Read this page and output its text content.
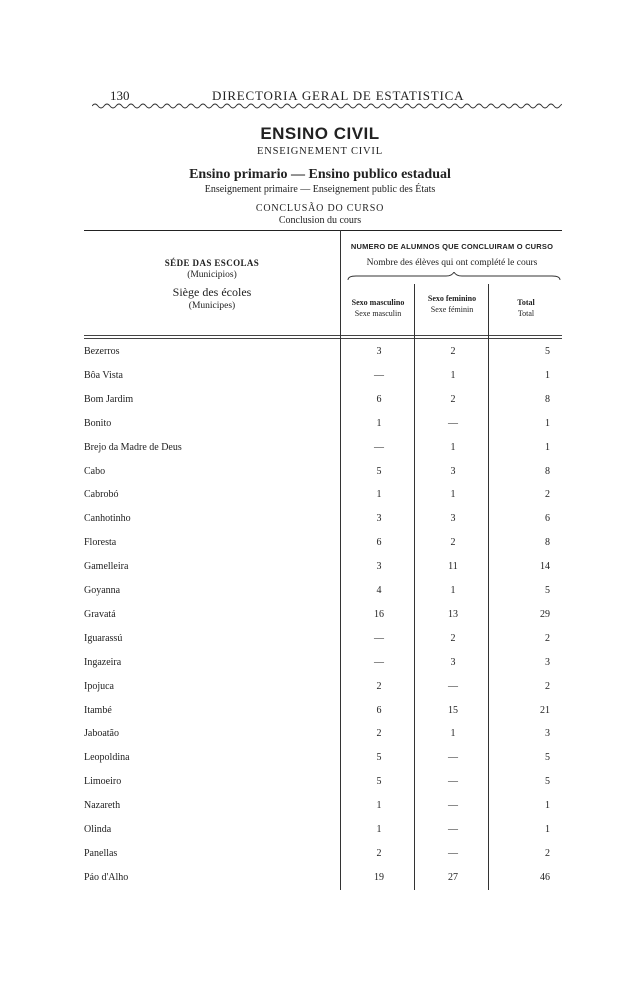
130	DIRECTORIA GERAL DE ESTATISTICA
ENSINO CIVIL
ENSEIGNEMENT CIVIL
Ensino primario — Ensino publico estadual
Enseignement primaire — Enseignement public des États
CONCLUSÃO DO CURSO
Conclusion du cours
SÉDE DAS ESCOLAS
(Municipios)
Siège des écoles
(Municipes)
NUMERO DE ALUMNOS QUE CONCLUIRAM O CURSO
Nombre des élèves qui ont complété le cours
Sexo masculino
Sexe masculin
Sexo feminino
Sexe féminin
Total
Total
Bezerros	3	2	5
Bôa Vista	—	1	1
Bom Jardim	6	2	8
Bonito	1	—	1
Brejo da Madre de Deus	—	1	1
Cabo	5	3	8
Cabrobó	1	1	2
Canhotinho	3	3	6
Floresta	6	2	8
Gamelleira	3	11	14
Goyanna	4	1	5
Gravatá	16	13	29
Iguarassú	—	2	2
Ingazeira	—	3	3
Ipojuca	2	—	2
Itambé	6	15	21
Jaboatão	2	1	3
Leopoldina	5	—	5
Limoeiro	5	—	5
Nazareth	1	—	1
Olinda	1	—	1
Panellas	2	—	2
Páo d'Alho	19	27	46
